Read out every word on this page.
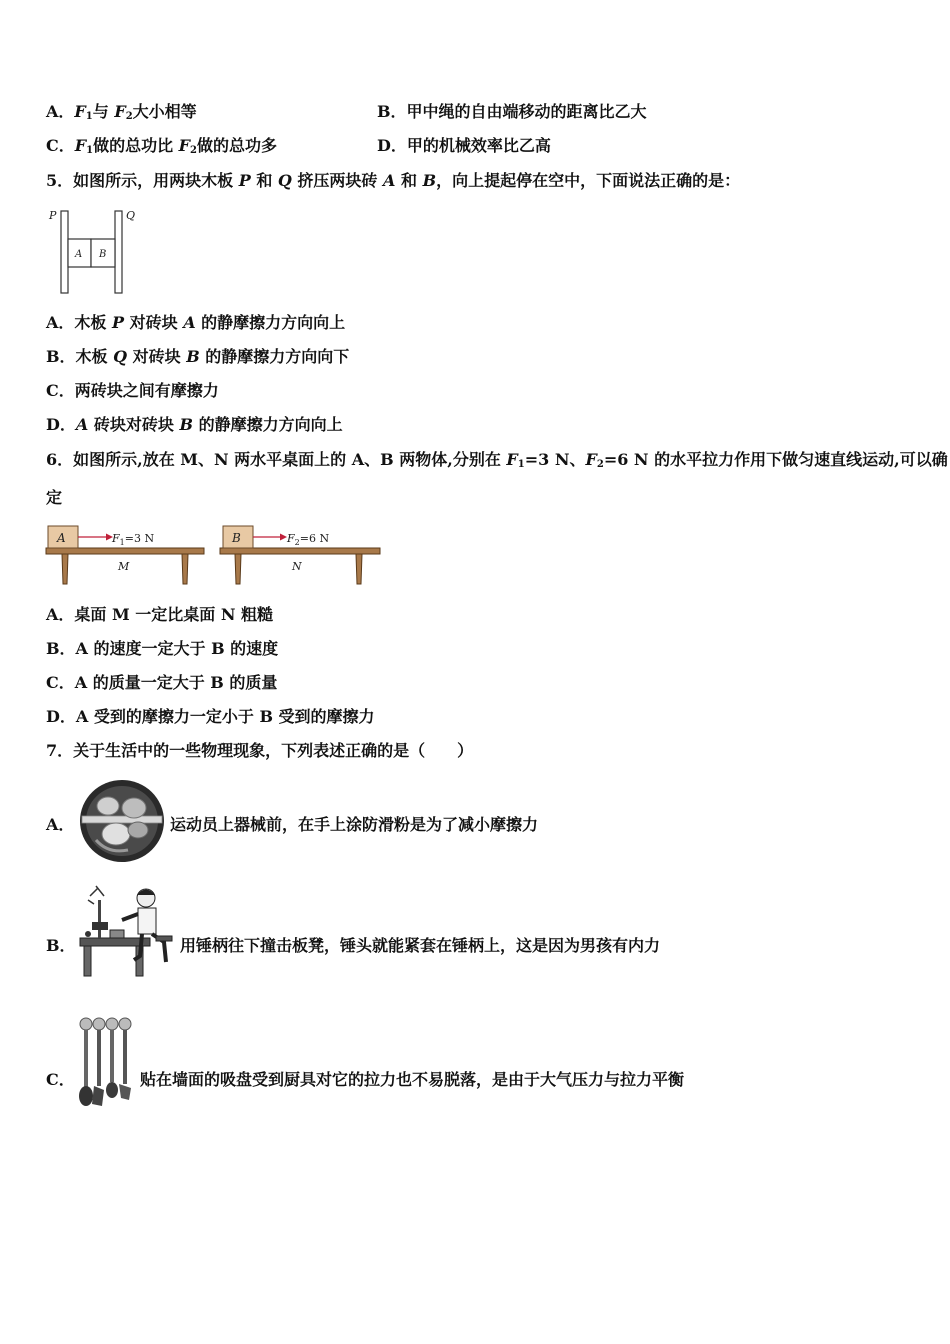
A．$F_1$与 $F_2$大小相等	B．甲中绳的自由端移动的距离比乙大
C．$F_1$做的总功比 $F_2$做的总功多	D．甲的机械效率比乙高
5．如图所示，用两块木板 P 和 Q 挤压两块砖 A 和 B，向上提起停在空中，下面说法正确的是：
P	Q
A B
A．木板 P 对砖块 A 的静摩擦力方向向上
B．木板 Q 对砖块 B 的静摩擦力方向向下
C．两砖块之间有摩擦力
D．A 砖块对砖块 B 的静摩擦力方向向上
6．如图所示,放在 M、N 两水平桌面上的 A、B 两物体,分别在 $F_1=3$ N、$F_2=6$ N 的水平拉力作用下做匀速直线运动,可以确
定
A	$F_1=3$ N
M
B	$F_2=6$ N
N
A．桌面 M 一定比桌面 N 粗糙
B．A 的速度一定大于 B 的速度
C．A 的质量一定大于 B 的质量
D．A 受到的摩擦力一定小于 B 受到的摩擦力
7．关于生活中的一些物理现象，下列表述正确的是（　　）
A．	运动员上器械前，在手上涂防滑粉是为了减小摩擦力
B．	用锤柄往下撞击板凳，锤头就能紧套在锤柄上，这是因为男孩有内力
C．	贴在墙面的吸盘受到厨具对它的拉力也不易脱落，是由于大气压力与拉力平衡
